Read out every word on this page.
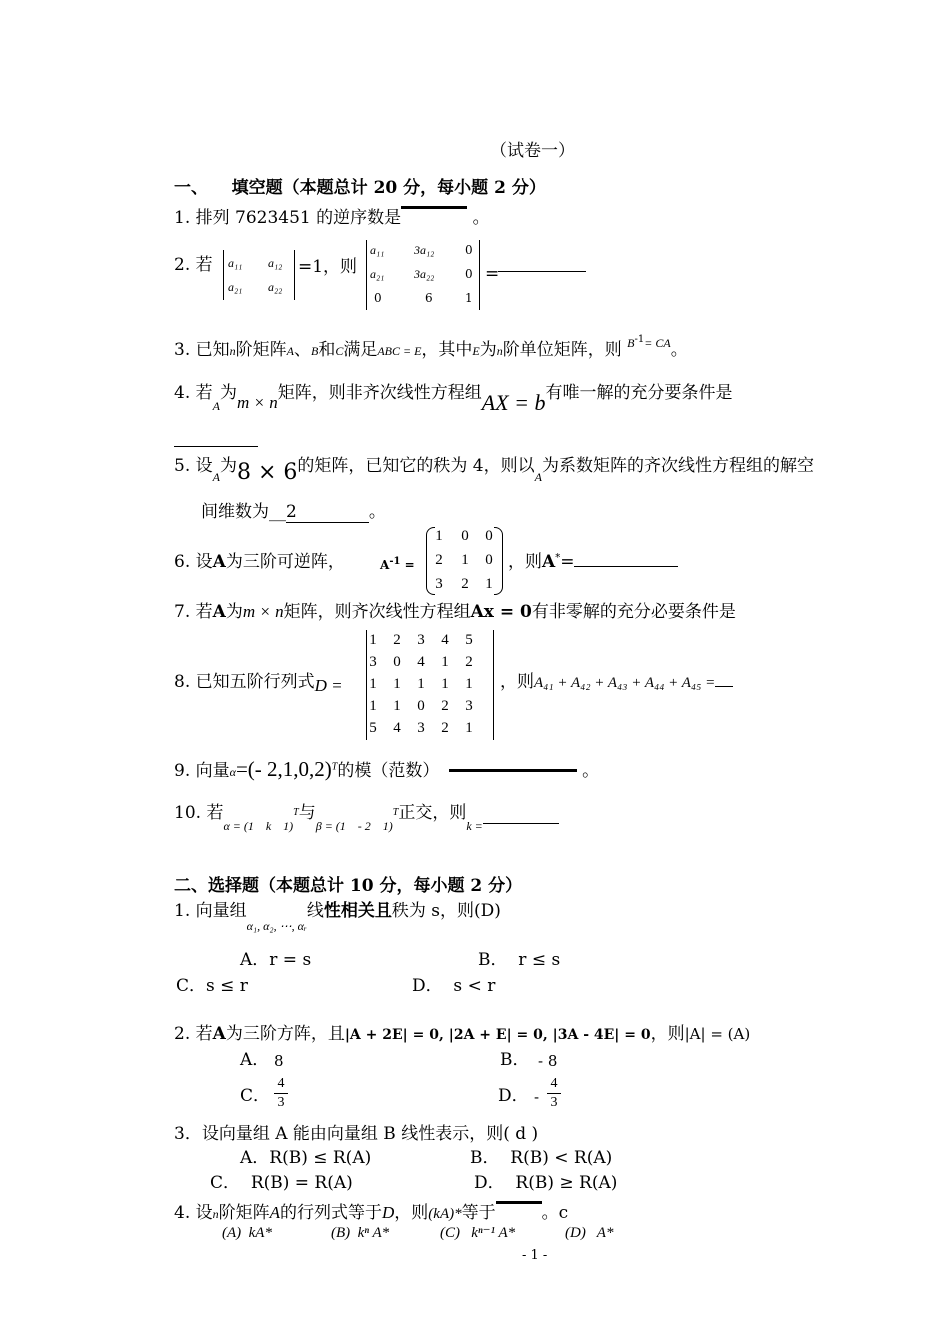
（试卷一）
一、    填空题（本题总计 20 分，每小题 2 分）
1. 排列 7623451 的逆序数是	。
2. 若 a₁₁ a₁₂
a₂₁ a₂₂
=1，则
a₁₁ 3a₁₂	0
a₂₁ 3a₂₂	0
0	6	1
=
3. 已知n阶矩阵A、B和C满足ABC = E，其中E为n阶单位矩阵，则 $^{B-1= CA}$。
4. 若$_A$为m × n矩阵，则非齐次线性方程组AX = b有唯一解的充分要条件是
5. 设$_A$为8 × 6的矩阵，已知它的秩为 4，则以$_A$为系数矩阵的齐次线性方程组的解空
间维数为__2	。
6. 设A为三阶可逆阵，	$A^{-1}$ =
1	0	0
2	1	0
3	2	1
，则A*=
7. 若A为m × n矩阵，则齐次线性方程组Ax = 0有非零解的充分必要条件是
8. 已知五阶行列式D =
1	2	3	4	5
3	0	4	1	2
1	1	1	1	1
1	1	0	2	3
5	4	3	2	1
，则A₄₁ + A₄₂ + A₄₃ + A₄₄ + A₄₅ =
9. 向量α=(- 2,1,0,2)$^T$的模（范数）	。
10. 若$_{\alpha = (1 k 1)}^T$与$_{\beta = (1 - 2 1)}^T$正交，则$_{k =}$
二、选择题（本题总计 10 分，每小题 2 分）
1. 向量组$_{\alpha_1, \alpha_2, \cdots, \alpha ᵣ}$线性相关且秩为 s，则(D)
A．r = s	B．  r ≤ s
C．s ≤ r	D．  s < r
2. 若A为三阶方阵，且|A + 2E| = 0, |2A + E| = 0, |3A - 4E| = 0，则|A| = (A)
A． 8	B． - 8
C．
4
3	D． -
4
3
3．设向量组 A 能由向量组 B 线性表示，则( d )
A．R(B) ≤ R(A)	B．  R(B) < R(A)
C．  R(B) = R(A)	D．  R(B) ≥ R(A)
4. 设n阶矩阵A的行列式等于D，则(kA)*等于	。c
(A)  kA*	(B)  kⁿ A*	(C)   kⁿ⁻¹ A*	(D)   A*
- 1 -
